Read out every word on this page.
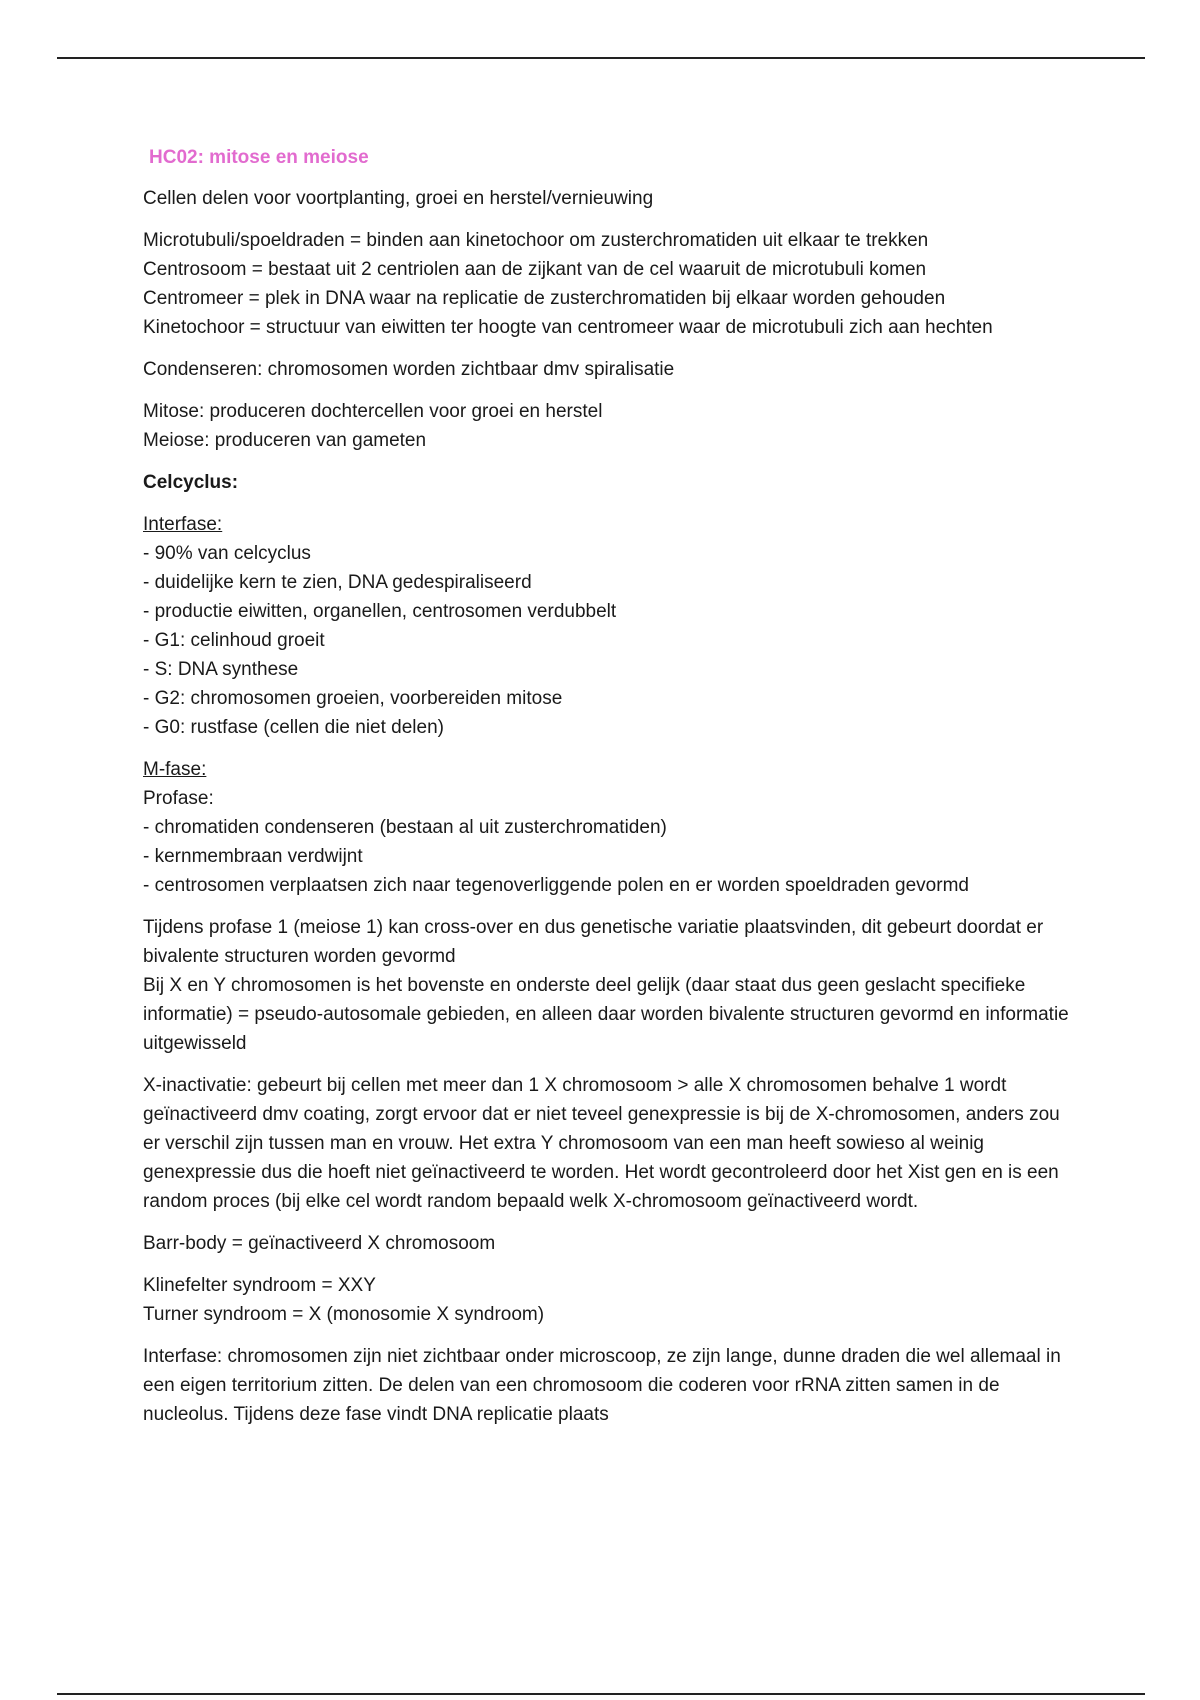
HC02: mitose en meiose
Cellen delen voor voortplanting, groei en herstel/vernieuwing
Microtubuli/spoeldraden = binden aan kinetochoor om zusterchromatiden uit elkaar te trekken
Centrosoom = bestaat uit 2 centriolen aan de zijkant van de cel waaruit de microtubuli komen
Centromeer = plek in DNA waar na replicatie de zusterchromatiden bij elkaar worden gehouden
Kinetochoor = structuur van eiwitten ter hoogte van centromeer waar de microtubuli zich aan hechten
Condenseren: chromosomen worden zichtbaar dmv spiralisatie
Mitose: produceren dochtercellen voor groei en herstel
Meiose: produceren van gameten
Celcyclus:
Interfase:
- 90% van celcyclus
- duidelijke kern te zien, DNA gedespiraliseerd
- productie eiwitten, organellen, centrosomen verdubbelt
- G1: celinhoud groeit
- S: DNA synthese
- G2: chromosomen groeien, voorbereiden mitose
- G0: rustfase (cellen die niet delen)
M-fase:
Profase:
- chromatiden condenseren (bestaan al uit zusterchromatiden)
- kernmembraan verdwijnt
- centrosomen verplaatsen zich naar tegenoverliggende polen en er worden spoeldraden gevormd
Tijdens profase 1 (meiose 1) kan cross-over en dus genetische variatie plaatsvinden, dit gebeurt doordat er bivalente structuren worden gevormd
Bij X en Y chromosomen is het bovenste en onderste deel gelijk (daar staat dus geen geslacht specifieke informatie) = pseudo-autosomale gebieden, en alleen daar worden bivalente structuren gevormd en informatie uitgewisseld
X-inactivatie: gebeurt bij cellen met meer dan 1 X chromosoom > alle X chromosomen behalve 1 wordt geïnactiveerd dmv coating, zorgt ervoor dat er niet teveel genexpressie is bij de X-chromosomen, anders zou er verschil zijn tussen man en vrouw. Het extra Y chromosoom van een man heeft sowieso al weinig genexpressie dus die hoeft niet geïnactiveerd te worden. Het wordt gecontroleerd door het Xist gen en is een random proces (bij elke cel wordt random bepaald welk X-chromosoom geïnactiveerd wordt.
Barr-body = geïnactiveerd X chromosoom
Klinefelter syndroom = XXY
Turner syndroom = X (monosomie X syndroom)
Interfase: chromosomen zijn niet zichtbaar onder microscoop, ze zijn lange, dunne draden die wel allemaal in een eigen territorium zitten. De delen van een chromosoom die coderen voor rRNA zitten samen in de nucleolus. Tijdens deze fase vindt DNA replicatie plaats
